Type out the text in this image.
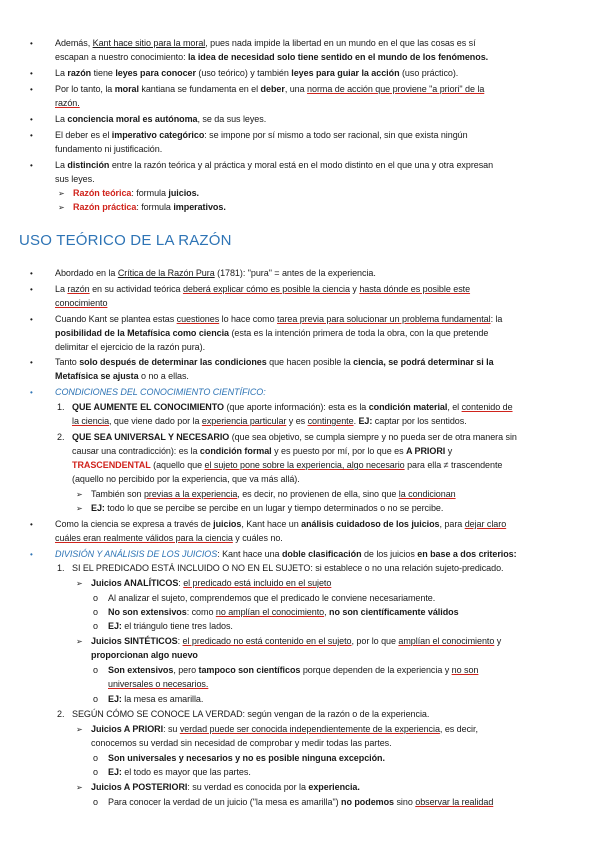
• Además, Kant hace sitio para la moral, pues nada impide la libertad en un mundo en el que las cosas es sí
escapan a nuestro conocimiento: la idea de necesidad solo tiene sentido en el mundo de los fenómenos.
• La razón tiene leyes para conocer (uso teórico) y también leyes para guiar la acción (uso práctico).
• Por lo tanto, la moral kantiana se fundamenta en el deber, una norma de acción que proviene "a priori" de la
razón.
• La conciencia moral es autónoma, se da sus leyes.
• El deber es el imperativo categórico: se impone por sí mismo a todo ser racional, sin que exista ningún
fundamento ni justificación.
• La distinción entre la razón teórica y al práctica y moral está en el modo distinto en el que una y otra expresan
sus leyes.
➢ Razón teórica: formula juicios.
➢ Razón práctica: formula imperativos.
USO TEÓRICO DE LA RAZÓN
• Abordado en la Crítica de la Razón Pura (1781): "pura" = antes de la experiencia.
• La razón en su actividad teórica deberá explicar cómo es posible la ciencia y hasta dónde es posible este
conocimiento
• Cuando Kant se plantea estas cuestiones lo hace como tarea previa para solucionar un problema fundamental: la
posibilidad de la Metafísica como ciencia (esta es la intención primera de toda la obra, con la que pretende
delimitar el ejercicio de la razón pura).
• Tanto solo después de determinar las condiciones que hacen posible la ciencia, se podrá determinar si la
Metafísica se ajusta o no a ellas.
• CONDICIONES DEL CONOCIMIENTO CIENTÍFICO:
1. QUE AUMENTE EL CONOCIMIENTO (que aporte información): esta es la condición material, el contenido de
la ciencia, que viene dado por la experiencia particular y es contingente. EJ: captar por los sentidos.
2. QUE SEA UNIVERSAL Y NECESARIO (que sea objetivo, se cumpla siempre y no pueda ser de otra manera sin
causar una contradicción): es la condición formal y es puesto por mí, por lo que es A PRIORI y
TRASCENDENTAL (aquello que el sujeto pone sobre la experiencia, algo necesario para ella ≠ trascendente
(aquello no percibido por la experiencia, que va más allá).
➢ También son previas a la experiencia, es decir, no provienen de ella, sino que la condicionan
➢ EJ: todo lo que se percibe se percibe en un lugar y tiempo determinados o no se percibe.
• Como la ciencia se expresa a través de juicios, Kant hace un análisis cuidadoso de los juicios, para dejar claro
cuáles eran realmente válidos para la ciencia y cuáles no.
• DIVISIÓN Y ANÁLISIS DE LOS JUICIOS: Kant hace una doble clasificación de los juicios en base a dos criterios:
1. SI EL PREDICADO ESTÁ INCLUIDO O NO EN EL SUJETO: si establece o no una relación sujeto-predicado.
➢ Juicios ANALÍTICOS: el predicado está incluido en el sujeto
o Al analizar el sujeto, comprendemos que el predicado le conviene necesariamente.
o No son extensivos: como no amplían el conocimiento, no son científicamente válidos
o EJ: el triángulo tiene tres lados.
➢ Juicios SINTÉTICOS: el predicado no está contenido en el sujeto, por lo que amplían el conocimiento y
proporcionan algo nuevo
o Son extensivos, pero tampoco son científicos porque dependen de la experiencia y no son
universales o necesarios.
o EJ: la mesa es amarilla.
2. SEGÚN CÓMO SE CONOCE LA VERDAD: según vengan de la razón o de la experiencia.
➢ Juicios A PRIORI: su verdad puede ser conocida independientemente de la experiencia, es decir,
conocemos su verdad sin necesidad de comprobar y medir todas las partes.
o Son universales y necesarios y no es posible ninguna excepción.
o EJ: el todo es mayor que las partes.
➢ Juicios A POSTERIORI: su verdad es conocida por la experiencia.
o Para conocer la verdad de un juicio ("la mesa es amarilla") no podemos sino observar la realidad
